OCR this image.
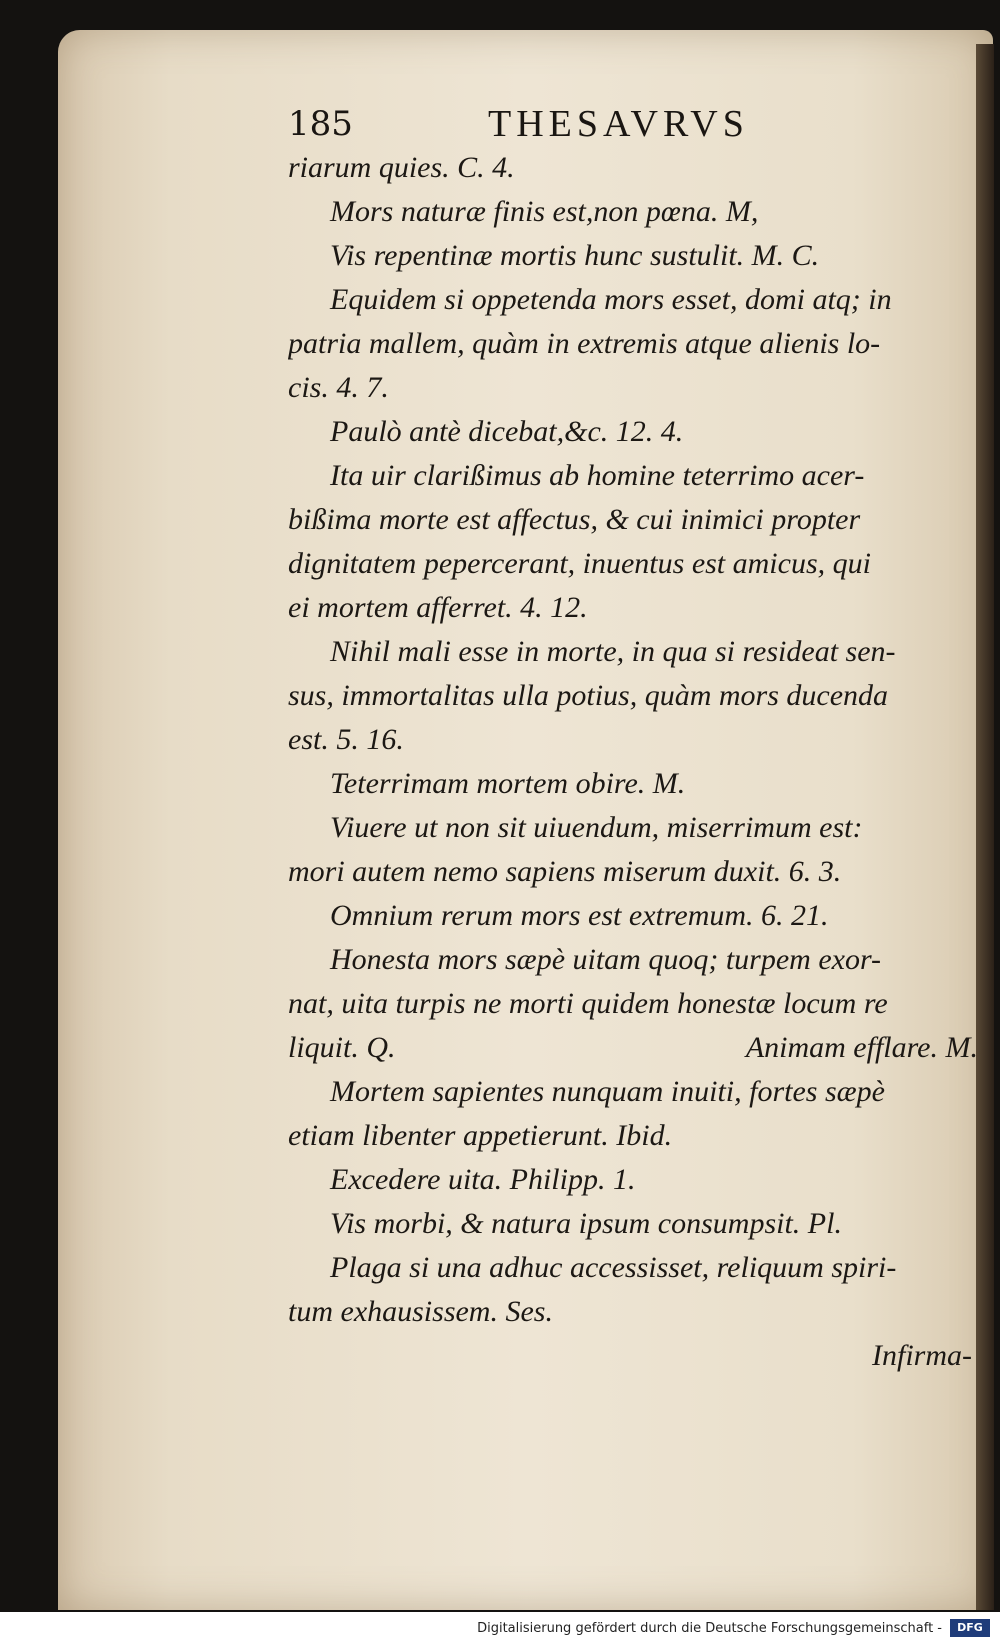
185	THESAVRVS
riarum quies. C. 4.
Mors naturæ finis est,non pœna. M,
Vis repentinæ mortis hunc sustulit. M. C.
Equidem si oppetenda mors esset, domi atq; in
patria mallem, quàm in extremis atque alienis lo-
cis. 4. 7.
Paulò antè dicebat,&c. 12. 4.
Ita uir clarißimus ab homine teterrimo acer-
bißima morte est affectus, & cui inimici propter
dignitatem pepercerant, inuentus est amicus, qui
ei mortem afferret. 4. 12.
Nihil mali esse in morte, in qua si resideat sen-
sus, immortalitas ulla potius, quàm mors ducenda
est. 5. 16.
Teterrimam mortem obire. M.
Viuere ut non sit uiuendum, miserrimum est:
mori autem nemo sapiens miserum duxit. 6. 3.
Omnium rerum mors est extremum. 6. 21.
Honesta mors sæpè uitam quoq; turpem exor-
nat, uita turpis ne morti quidem honestæ locum re
liquit. Q.	Animam efflare. M.
Mortem sapientes nunquam inuiti, fortes sæpè
etiam libenter appetierunt. Ibid.
Excedere uita. Philipp. 1.
Vis morbi, & natura ipsum consumpsit. Pl.
Plaga si una adhuc accessisset, reliquum spiri-
tum exhausissem. Ses.
Infirma-
Digitalisierung gefördert durch die Deutsche Forschungsgemeinschaft -	DFG
